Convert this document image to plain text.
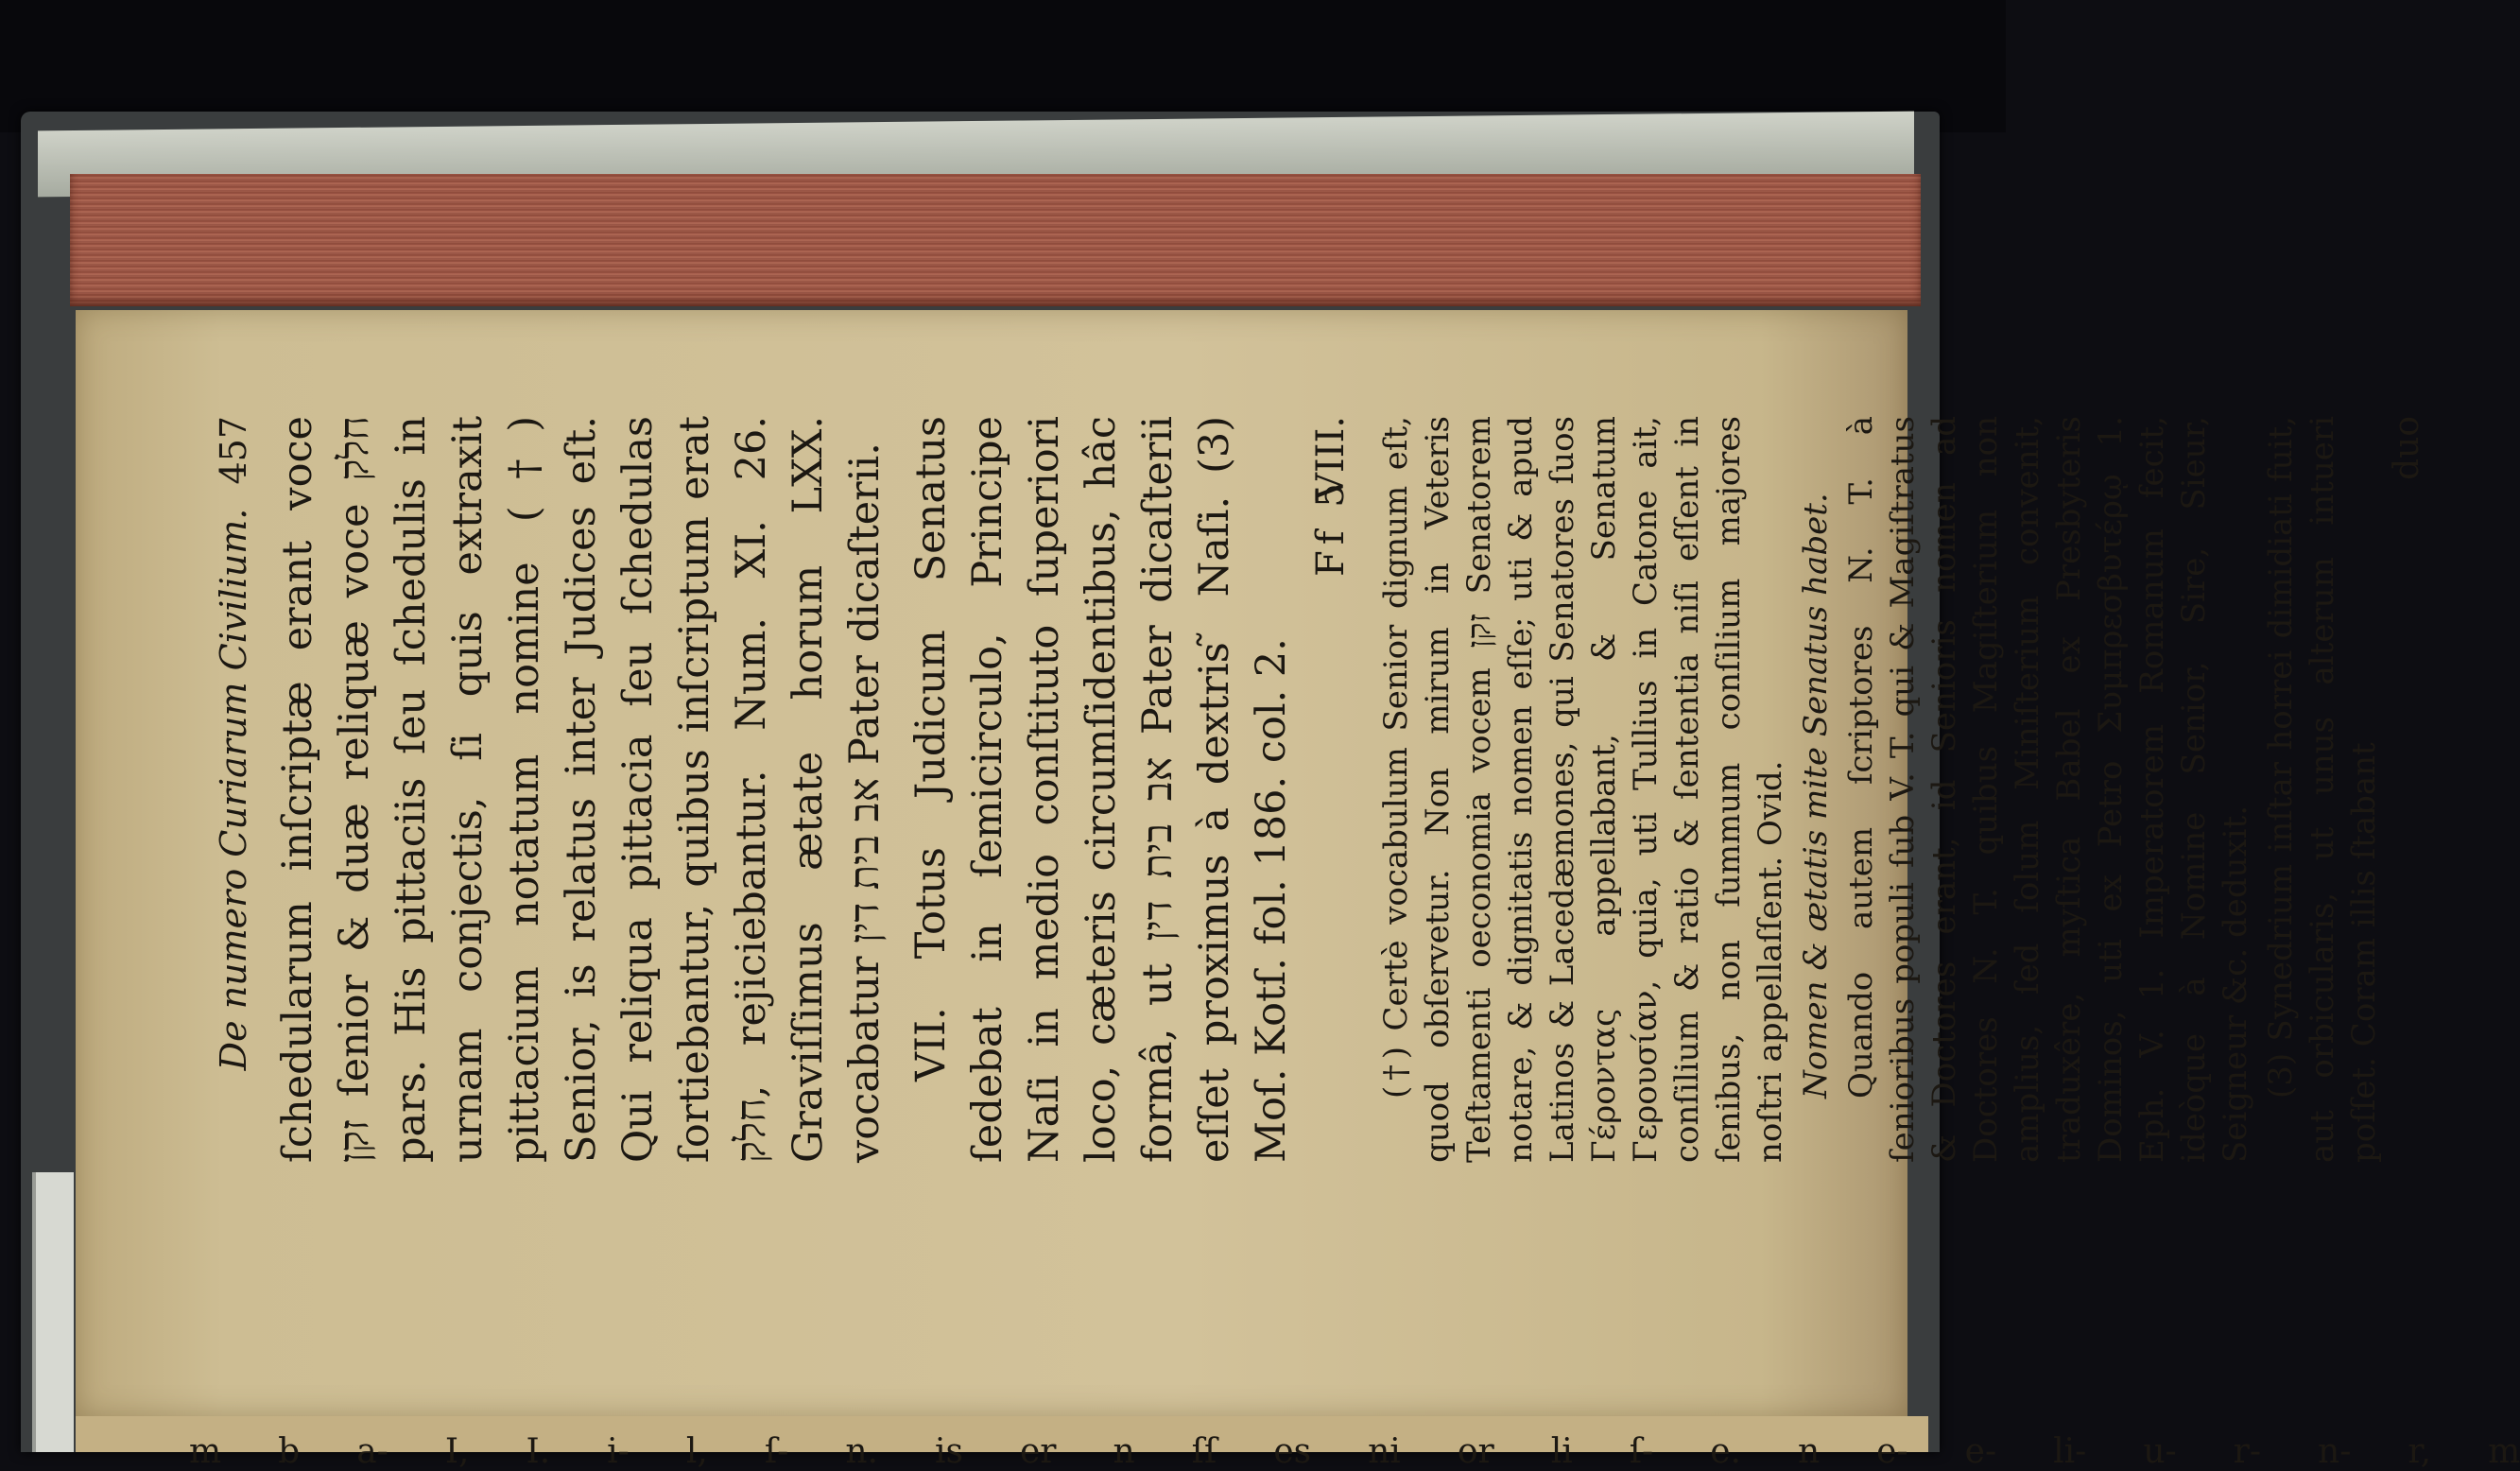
m b a- I, I. i- l, ſ- n. is er n ſſ es ni or li ſ- e. n e- e- li- u- r- n- r, m
De numero Curiarum Civilium.
457 ſchedularum inſcriptæ erant voce זקן ſenior & duæ reliquæ voce חלק pars. His pittaciis ſeu ſchedulis in urnam conjectis, ſi quis extraxit pittacium notatum nomine (†) Senior, is relatus inter Judices eſt. Qui reliqua pittacia ſeu ſchedulas ſortiebantur, quibus inſcriptum erat חלק, rejiciebantur. Num. XI. 26. Graviſſimus ætate horum LXX. vocabatur אב בית דין Pater dicaſterii. VII. Totus Judicum Senatus ſedebat in ſemicirculo, Principe Naſi in medio conſtituto ſuperiori loco, cæteris circumſidentibus, hâc formâ, ut אב בית דין Pater dicaſterii eſſet proximus à dextris ̃ Naſi. (3) Moſ. Kotſ. fol. 186. col. 2.

Ff 5
VIII. (†) Certè vocabulum Senior dignum eſt, quod obſervetur. Non mirum in Veteris Teſtamenti oeconomia vocem זקן Senatorem notare, & dignitatis nomen eſſe; uti & apud Latinos & Lacedæmones, qui Senatores ſuos Γέροντας appellabant, & Senatum Γερουσίαν, quia, uti Tullius in Catone ait, conſilium & ratio & ſententia niſi eſſent in ſenibus, non ſummum conſilium majores noſtri appellaſſent. Ovid. Nomen & ætatis mite Senatus habet. Quando autem ſcriptores N. T. à ſenioribus populi ſub V. T. qui & Magiſtratus & Doctores erant, id Senioris nomen ad Doctores N. T. quibus Magiſterium non amplius, ſed ſolum Miniſterium convenit, traduxêre, myſtica Babel ex Presbyteris Dominos, uti ex Petro Συμπρεσβυτέρῳ 1. Eph. V. 1. Imperatorem Romanum fecit, ideòque à Nomine Senior, Sire, Sieur, Seigneur &c. deduxit. (3) Synedrium inſtar horrei dimidiati fuit, aut orbicularis, ut unus alterum intueri poſſet. Coram illis ſtabant

duo
